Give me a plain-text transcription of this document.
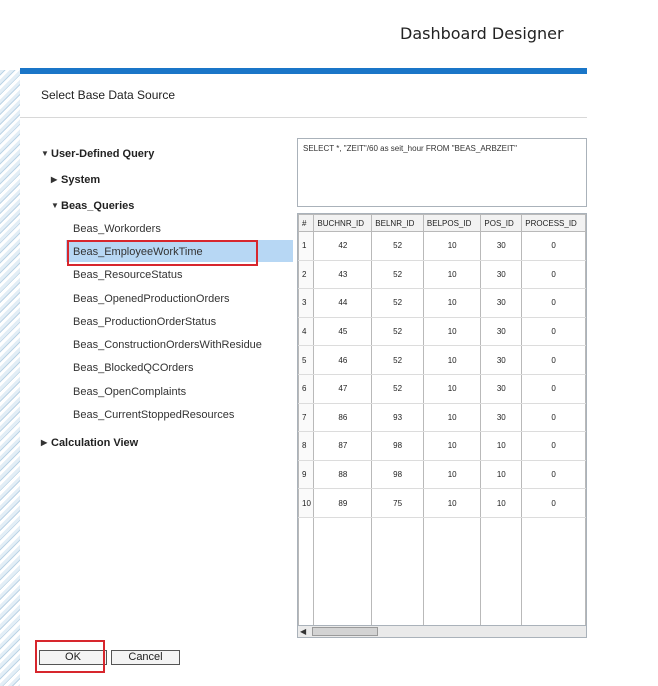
Dashboard Designer
Select Base Data Source
▼ User-Defined Query
▶ System
▼ Beas_Queries
Beas_Workorders
Beas_EmployeeWorkTime
Beas_ResourceStatus
Beas_OpenedProductionOrders
Beas_ProductionOrderStatus
Beas_ConstructionOrdersWithResidue
Beas_BlockedQCOrders
Beas_OpenComplaints
Beas_CurrentStoppedResources
▶ Calculation View
SELECT *, "ZEIT"/60 as seit_hour FROM "BEAS_ARBZEIT"
#	BUCHNR_ID	BELNR_ID	BELPOS_ID	POS_ID	PROCESS_ID
1	42	52	10	30	0
2	43	52	10	30	0
3	44	52	10	30	0
4	45	52	10	30	0
5	46	52	10	30	0
6	47	52	10	30	0
7	86	93	10	30	0
8	87	98	10	10	0
9	88	98	10	10	0
10	89	75	10	10	0

◀
OK	Cancel
